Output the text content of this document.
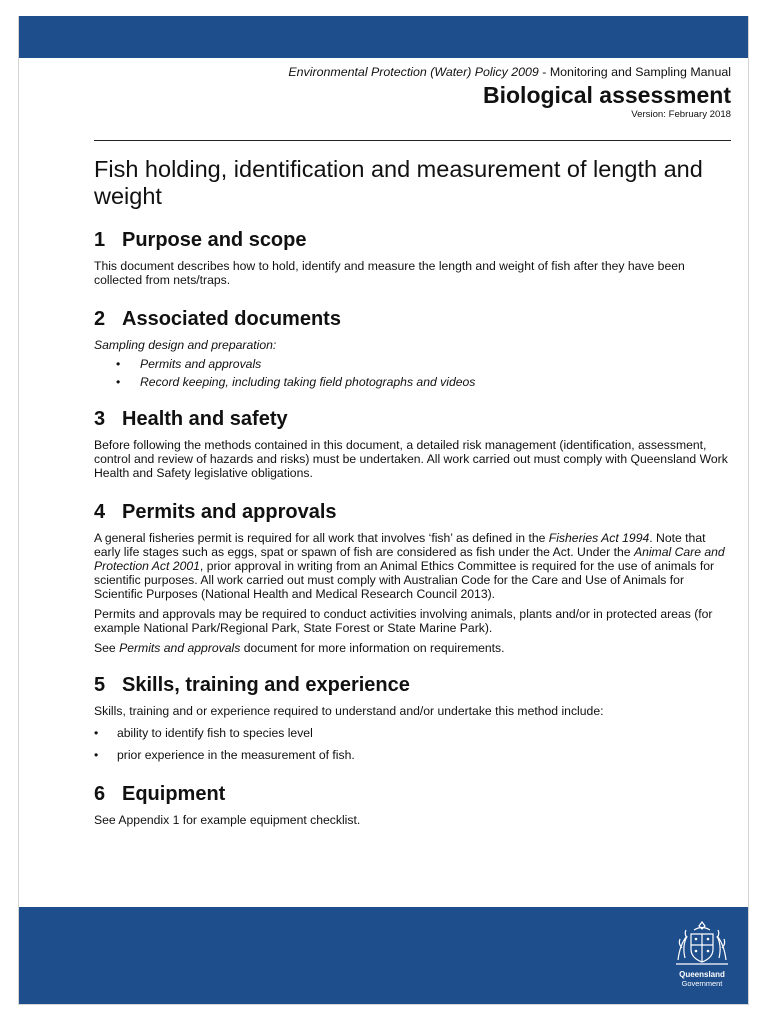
Environmental Protection (Water) Policy 2009 - Monitoring and Sampling Manual
Biological assessment
Version: February 2018
Fish holding, identification and measurement of length and weight
1 Purpose and scope

This document describes how to hold, identify and measure the length and weight of fish after they have been collected from nets/traps.

2 Associated documents

Sampling design and preparation:

• Permits and approvals
• Record keeping, including taking field photographs and videos
3 Health and safety

Before following the methods contained in this document, a detailed risk management (identification, assessment, control and review of hazards and risks) must be undertaken. All work carried out must comply with Queensland Work Health and Safety legislative obligations.

4 Permits and approvals

A general fisheries permit is required for all work that involves ‘fish’ as defined in the Fisheries Act 1994. Note that early life stages such as eggs, spat or spawn of fish are considered as fish under the Act. Under the Animal Care and Protection Act 2001, prior approval in writing from an Animal Ethics Committee is required for the use of animals for scientific purposes. All work carried out must comply with Australian Code for the Care and Use of Animals for Scientific Purposes (National Health and Medical Research Council 2013).

Permits and approvals may be required to conduct activities involving animals, plants and/or in protected areas (for example National Park/Regional Park, State Forest or State Marine Park).

See Permits and approvals document for more information on requirements.

5 Skills, training and experience

Skills, training and or experience required to understand and/or undertake this method include:

• ability to identify fish to species level
• prior experience in the measurement of fish.
6 Equipment

See Appendix 1 for example equipment checklist.

Queensland
Government
